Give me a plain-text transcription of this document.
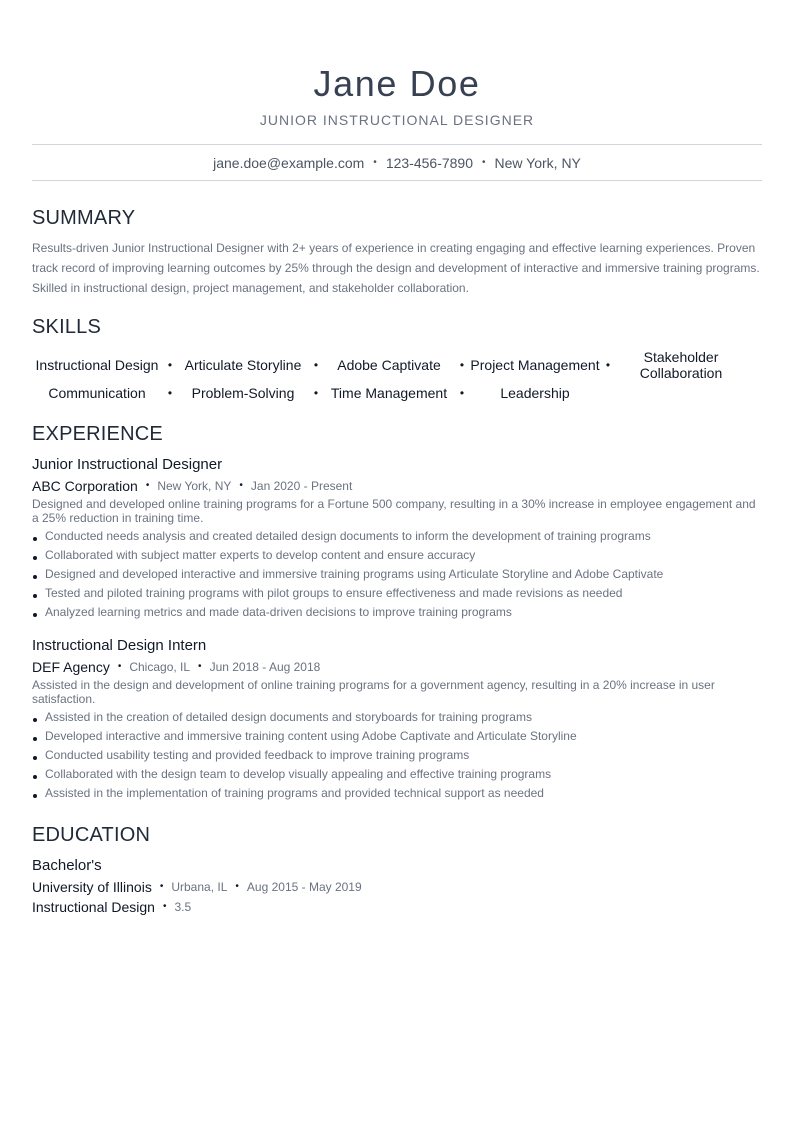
Jane Doe
JUNIOR INSTRUCTIONAL DESIGNER
jane.doe@example.com • 123-456-7890 • New York, NY
SUMMARY
Results-driven Junior Instructional Designer with 2+ years of experience in creating engaging and effective learning experiences. Proven track record of improving learning outcomes by 25% through the design and development of interactive and immersive training programs. Skilled in instructional design, project management, and stakeholder collaboration.
SKILLS
Instructional Design • Articulate Storyline	•	Adobe Captivate	• Project Management •	Stakeholder Collaboration
Communication	•	Problem-Solving	• Time Management	•	Leadership
EXPERIENCE
Junior Instructional Designer
ABC Corporation • New York, NY • Jan 2020 - Present
Designed and developed online training programs for a Fortune 500 company, resulting in a 30% increase in employee engagement and a 25% reduction in training time.
Conducted needs analysis and created detailed design documents to inform the development of training programs
Collaborated with subject matter experts to develop content and ensure accuracy
Designed and developed interactive and immersive training programs using Articulate Storyline and Adobe Captivate
Tested and piloted training programs with pilot groups to ensure effectiveness and made revisions as needed
Analyzed learning metrics and made data-driven decisions to improve training programs
Instructional Design Intern
DEF Agency • Chicago, IL • Jun 2018 - Aug 2018
Assisted in the design and development of online training programs for a government agency, resulting in a 20% increase in user satisfaction.
Assisted in the creation of detailed design documents and storyboards for training programs
Developed interactive and immersive training content using Adobe Captivate and Articulate Storyline
Conducted usability testing and provided feedback to improve training programs
Collaborated with the design team to develop visually appealing and effective training programs
Assisted in the implementation of training programs and provided technical support as needed
EDUCATION
Bachelor's
University of Illinois • Urbana, IL • Aug 2015 - May 2019
Instructional Design • 3.5
